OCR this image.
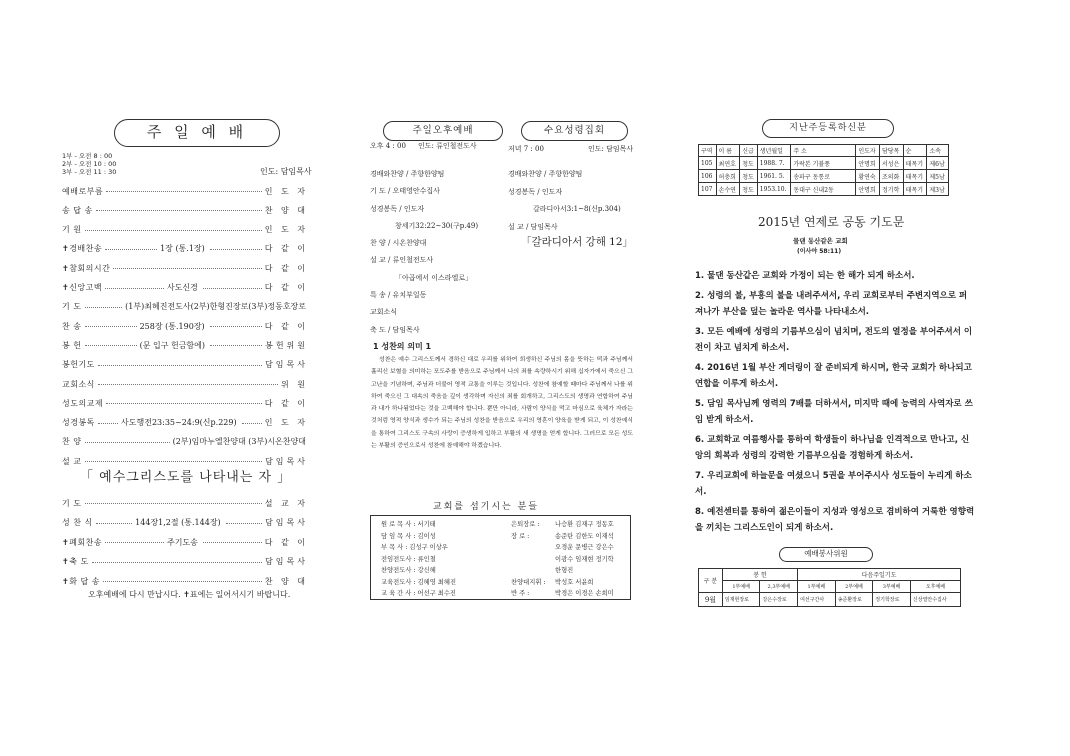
주 일 예 배
1부 - 오전 8 : 00
2부 - 오전 10 : 00
3부 - 오전 11 : 30	인도: 담임목사
예배로부름	인 도 자
송 답 송	찬 양 대
기 원	인 도 자
✝경배찬송	1장 (통.1장)	다 같 이
✝참회의시간	다 같 이
✝신앙고백	사도신경	다 같 이
기 도	(1부)최혜진전도사(2부)한형진장로(3부)정동호장로
찬 송	258장 (통.190장)	다 같 이
봉 헌	(문 입구 헌금함에)	봉헌위원
봉헌기도	담임목사
교회소식	위 원
성도의교제	다 같 이
성경봉독	사도행전23:35~24:9(신p.229)	인 도 자
찬 양	(2부)임마누엘찬양대 (3부)시온찬양대
설 교	담임목사
「 예수그리스도를 나타내는 자 」
기 도	설 교 자
성 찬 식	144장1,2절 (통.144장)	담임목사
✝폐회찬송	주기도송	다 같 이
✝축 도	담임목사
✝화 답 송	찬 양 대
오후예배에 다시 만납시다. ✝표에는 일어서시기 바랍니다.
주일오후예배
오후 4 : 00 인도: 류인철전도사
경배와찬양 / 주향한양팀
기 도 / 오태영안수집사
성경봉독 / 인도자
창세기32:22~30(구p.49)
찬 양 / 시온찬양대
설 교 / 류인철전도사
「아곱에서 이스라엘로」
특 송 / 유치부일동
교회소식
축 도 / 담임목사
수요성령집회
저녁 7 : 00	인도: 담임목사
경배와찬양 / 주향한양팀
성경봉독 / 인도자
갈라디아서3:1~8(신p.304)
설 교 / 담임목사
「갈라디아서 강해 12」
1 성찬의 의미 1
성찬은 예수 그리스도께서 경하신 대로 우리를 위하여 희생하신 주님의 몸을 뜻하는 떡과 주님께서 흘리신 보혈을 의미하는 포도주를 받음으로 주님께서 나의 죄를 속량하시기 위해 십자가에서 죽으신 그 고난을 기념하며, 주님과 더불어 영적 교통을 이루는 것입니다. 성찬에 참예할 때마다 주님께서 나를 위하여 죽으신 그 대속의 죽음을 깊이 생각하며 자신의 죄를 회개하고, 그리스도의 생명과 연합하여 주님과 내가 하나됨었다는 것을 고백해야 합니다. 뿐만 아니라, 사람이 양식을 먹고 마심으로 육체가 자라는 것처럼 영적 양식과 생수가 되는 주님의 성찬을 받음으로 우리의 영혼이 양육을 받게 되고, 이 성찬예식을 통하여 그리스도 구속의 사랑이 증생하게 입하고 부활의 새 생명을 얻게 합니다. 그러므로 모든 성도는 부활의 증인으로서 성찬에 참예해야 하겠습니다.
교회를 섬기시는 분들
원 로 목 사 : 서기태
담 임 목 사 : 김이성
부 목 사 : 김성구 이상우
전임전도사 : 류인철
찬양전도사 : 강신혜
교육전도사 : 김혜영 최혜진
교 육 간 사 : 어선구 최수진
은퇴장로 : 나승환 김재구 정동호
장 로 :	송준탄 김한도 이재석
오경운 문병근 강은수
이광수 임재현 정기학
한형진
찬양대지휘 : 박성호 서윤희
반 주 :	박경은 이경은 손희미
지난주등록하신분
구역	이 름	신급	생년월일	주 소	인도자	담당목	순	소속
105	최연호	청도	1988. 7.	가락본 기뷸풍	안명희	서성은	태목기	제6남
106	허충희	청도	1961. 5.	송파구 동통로	황연숙	조의화	태목기	제5남
107	손수연	청도	1953.10.	동대구 신내2동	안명희	정기학	태목기	제3남
2015년 연제로 공동 기도문
물댄 동산같은 교회
(이사야 58:11)
1. 물댄 동산같은 교회와 가정이 되는 한 해가 되게 하소서.
2. 성령의 불, 부흥의 불을 내려주셔서, 우리 교회로부터 주변지역으로 퍼져나가 부산을 덮는 놀라운 역사를 나타내소서.
3. 모든 예배에 성령의 기름부으심이 넘치며, 전도의 열정을 부어주셔서 이 전이 차고 넘치게 하소서.
4. 2016년 1월 부산 게더링이 잘 준비되게 하시며, 한국 교회가 하나되고 연합을 이루게 하소서.
5. 담임 목사님께 영력의 7배를 더하셔서, 미지막 때에 능력의 사역자로 쓰임 받게 하소서.
6. 교회학교 여름행사를 통하여 학생들이 하나님을 인격적으로 만나고, 신앙의 회복과 성령의 강력한 기름부으심을 경험하게 하소서.
7. 우리교회에 하늘문을 여셨으니 5권을 부어주시사 성도들이 누리게 하소서.
8. 예전센터를 통하여 젊은이들이 지성과 영성으로 겸비하여 거룩한 영향력을 끼치는 그리스도인이 되게 하소서.
예배봉사위원
구 분	봉 헌		다음주일기도			
	1부예배	2,3부예배	1부예배	2부예배	3부예배	오후예배
9월	임재현장로	강은수장로	여선구간사	송준환장로	정기학장로	신상열안수집사
